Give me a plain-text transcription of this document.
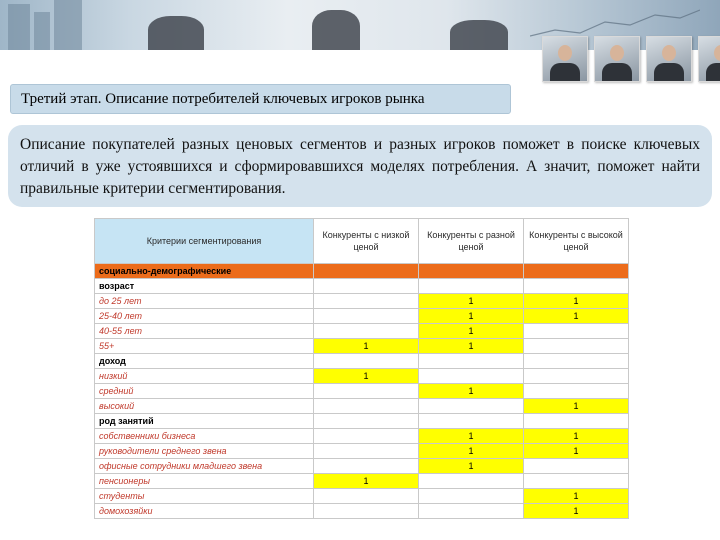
Третий этап. Описание потребителей ключевых игроков рынка
Описание покупателей разных ценовых сегментов и разных игроков поможет в поиске ключевых отличий в уже устоявшихся и сформировавшихся моделях потребления. А значит, поможет найти правильные критерии сегментирования.
Критерии сегментирования	Конкуренты с низкой ценой	Конкуренты с разной ценой	Конкуренты с высокой ценой
социально-демографические			
возраст			
до 25 лет		1	1
25-40 лет		1	1
40-55 лет		1	
55+	1	1	
доход			
низкий	1		
средний		1	
высокий			1
род занятий			
собственники бизнеса		1	1
руководители среднего звена		1	1
офисные сотрудники младшего звена		1	
пенсионеры	1		
студенты			1
домохозяйки			1
